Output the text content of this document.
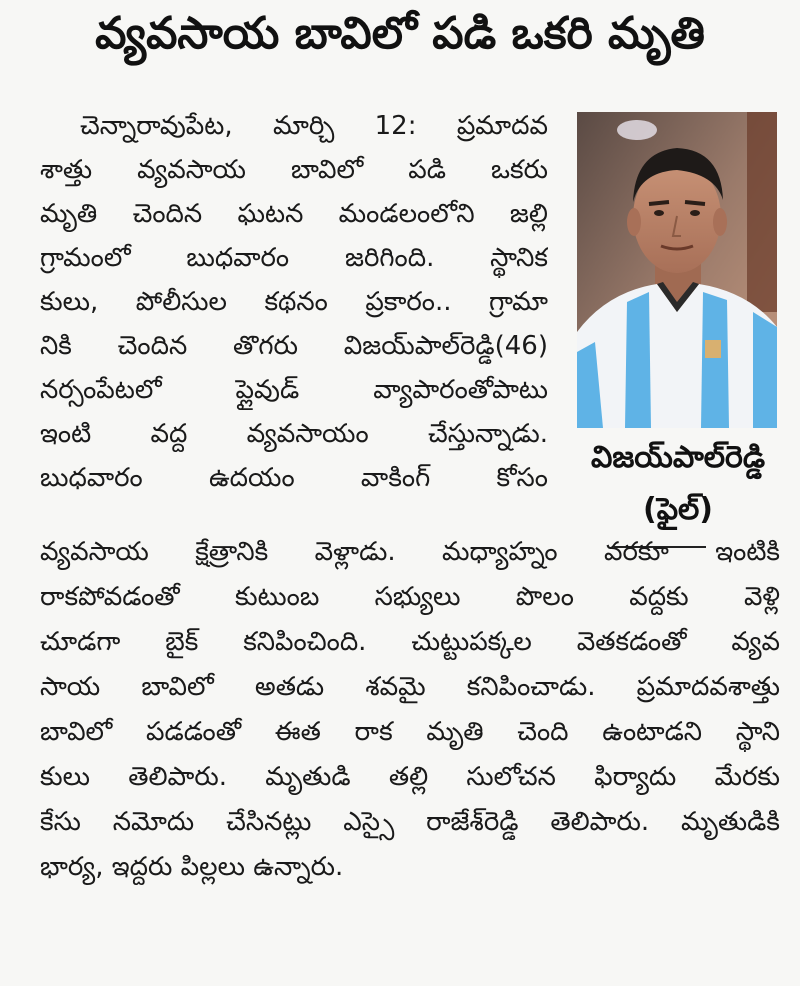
వ్యవసాయ బావిలో పడి ఒకరి మృతి
విజయ్‌పాల్‌రెడ్డి
(ఫైల్)
చెన్నారావుపేట, మార్చి 12: ప్రమాదవ
శాత్తు వ్యవసాయ బావిలో పడి ఒకరు
మృతి చెందిన ఘటన మండలంలోని జల్లి
గ్రామంలో బుధవారం జరిగింది. స్థానిక
కులు, పోలీసుల కథనం ప్రకారం.. గ్రామా
నికి చెందిన తొగరు విజయ్‌పాల్‌రెడ్డి(46)
నర్సంపేటలో ప్లైవుడ్ వ్యాపారంతోపాటు
ఇంటి వద్ద వ్యవసాయం చేస్తున్నాడు.
బుధవారం ఉదయం వాకింగ్ కోసం
వ్యవసాయ క్షేత్రానికి వెళ్లాడు. మధ్యాహ్నం వరకూ ఇంటికి
రాకపోవడంతో కుటుంబ సభ్యులు పొలం వద్దకు వెళ్లి
చూడగా బైక్ కనిపించింది. చుట్టుపక్కల వెతకడంతో వ్యవ
సాయ బావిలో అతడు శవమై కనిపించాడు. ప్రమాదవశాత్తు
బావిలో పడడంతో ఈత రాక మృతి చెంది ఉంటాడని స్థాని
కులు తెలిపారు. మృతుడి తల్లి సులోచన ఫిర్యాదు మేరకు
కేసు నమోదు చేసినట్లు ఎస్సై రాజేశ్‌రెడ్డి తెలిపారు. మృతుడికి
భార్య, ఇద్దరు పిల్లలు ఉన్నారు.
